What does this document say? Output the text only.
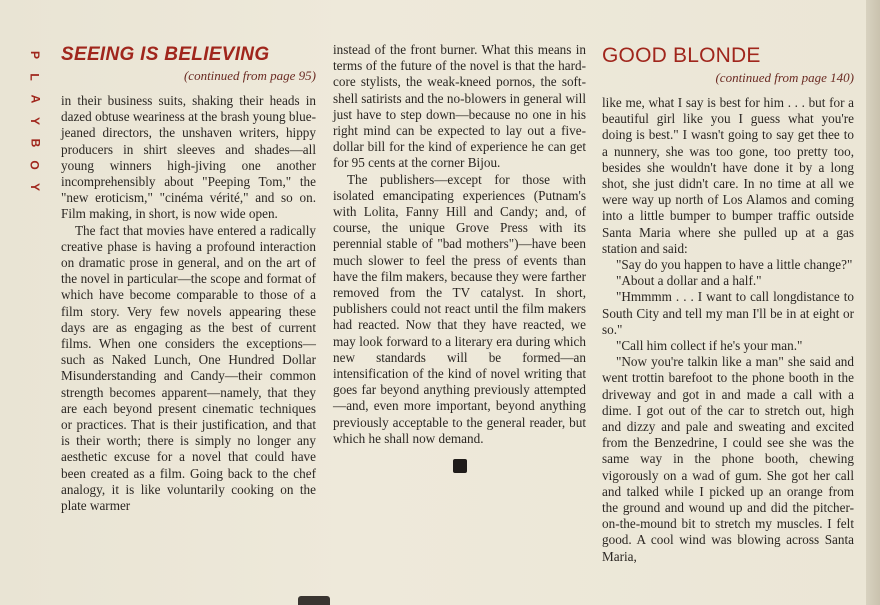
P
L
A
Y
B
O
Y
SEEING IS BELIEVING
(continued from page 95)

in their business suits, shaking their heads in dazed obtuse weariness at the brash young blue-jeaned directors, the unshaven writers, hippy producers in shirt sleeves and shades—all young winners high-jiving one another incomprehensibly about "Peeping Tom," the "new eroticism," "cinéma vérité," and so on. Film making, in short, is now wide open.

The fact that movies have entered a radically creative phase is having a profound interaction on dramatic prose in general, and on the art of the novel in particular—the scope and format of which have become comparable to those of a film story. Very few novels appearing these days are as engaging as the best of current films. When one considers the exceptions—such as Naked Lunch, One Hundred Dollar Misunderstanding and Candy—their common strength becomes apparent—namely, that they are each beyond present cinematic techniques or practices. That is their justification, and that is their worth; there is simply no longer any aesthetic excuse for a novel that could have been created as a film. Going back to the chef analogy, it is like voluntarily cooking on the plate warmer

instead of the front burner. What this means in terms of the future of the novel is that the hard-core stylists, the weak-kneed pornos, the soft-shell satirists and the no-blowers in general will just have to step down—because no one in his right mind can be expected to lay out a five-dollar bill for the kind of experience he can get for 95 cents at the corner Bijou.

The publishers—except for those with isolated emancipating experiences (Putnam's with Lolita, Fanny Hill and Candy; and, of course, the unique Grove Press with its perennial stable of "bad mothers")—have been much slower to feel the press of events than have the film makers, because they were farther removed from the TV catalyst. In short, publishers could not react until the film makers had reacted. Now that they have reacted, we may look forward to a literary era during which new standards will be formed—an intensification of the kind of novel writing that goes far beyond anything previously attempted—and, even more important, beyond anything previously acceptable to the general reader, but which he shall now demand.

GOOD BLONDE
(continued from page 140)

like me, what I say is best for him . . . but for a beautiful girl like you I guess what you're doing is best." I wasn't going to say get thee to a nunnery, she was too gone, too pretty too, besides she wouldn't have done it by a long shot, she just didn't care. In no time at all we were way up north of Los Alamos and coming into a little bumper to bumper traffic outside Santa Maria where she pulled up at a gas station and said:

"Say do you happen to have a little change?"

"About a dollar and a half."

"Hmmmm . . . I want to call longdistance to South City and tell my man I'll be in at eight or so."

"Call him collect if he's your man."

"Now you're talkin like a man" she said and went trottin barefoot to the phone booth in the driveway and got in and made a call with a dime. I got out of the car to stretch out, high and dizzy and pale and sweating and excited from the Benzedrine, I could see she was the same way in the phone booth, chewing vigorously on a wad of gum. She got her call and talked while I picked up an orange from the ground and wound up and did the pitcher-on-the-mound bit to stretch my muscles. I felt good. A cool wind was blowing across Santa Maria,
